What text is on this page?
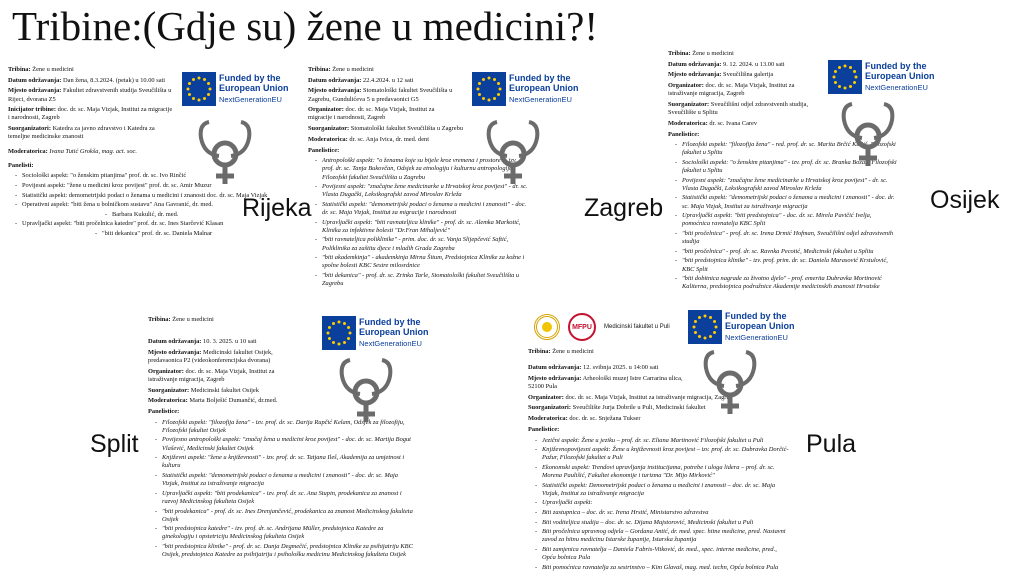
Tribine:(Gdje su) žene u medicini?!

Tribina: Žene u medicini

Datum održavanja: Dan žena, 8.3.2024. (petak) u 10.00 sati

Mjesto održavanja: Fakultet zdravstvenih studija Sveučilišta u Rijeci, dvorana Z5

Inicijator tribine: doc. dr. sc. Maja Vizjak, Institut za migracije i narodnosti, Zagreb

Suorganizatori: Katedra za javno zdravstvo i Katedra za temeljne medicinske znanosti

Moderatorica: Ivana Tutić Grokša, mag. act. soc.

Panelisti:

- Sociološki aspekt: "o ženskim pitanjima" prof. dr. sc. Ivo Rinčić
- Povijesni aspekt: "žene u medicini kroz povijest" prof. dr. sc. Amir Muzur
- Statistički aspekt: demometrijski podaci o ženama u medicini i znanosti doc. dr. sc. Maja Vizjak
- Operativni aspekt: "biti žena u bolničkom sustavu" Ana Gavranić, dr. med.
- Barbara Kukulić, dr. med.
- Upravljački aspekt: "biti pročelnica katedre" prof. dr. sc. Ines Starčević Klasan
- "biti dekanica" prof. dr. sc. Daniela Malnar

Tribina: Žene u medicini

Datum održavanja: 22.4.2024. u 12 sati

Mjesto održavanja: Stomatološki fakultet Sveučilišta u Zagrebu, Gundulićeva 5 u predavaonici G5

Organizator: doc. dr. sc. Maja Vizjak, Institut za migracije i narodnosti, Zagreb

Suorganizator: Stomatološki fakultet Sveučilišta u Zagrebu

Moderatorica: dr. sc. Anja Ivica, dr. med. dent

Panelistice:

- Antropološki aspekt: "o ženama koje su bijele kroz vremena i prostore" - izv. prof. dr. sc. Tanja Bukovčan, Odsjek za etnologiju i kulturnu antropologiju, Filozofski fakultet Sveučilišta u Zagrebu
- Povijesni aspekt: "značajne žene medicinarke u Hrvatskoj kroz povijest" - dr. sc. Vlasta Dugački, Leksikografski zavod Miroslav Krleža
- Statistički aspekt: "demometrijski podaci o ženama u medicini i znanosti" - doc. dr. sc. Maja Vizjak, Institut za migracije i narodnosti
- Upravljački aspekt: "biti ravnateljica klinike" - prof. dr. sc. Alemka Markotić, Klinika za infektivne bolesti "Dr.Fran Mihaljević"
- "biti ravnateljica poliklinike" - prim. doc. dr. sc. Vanja Slijepčević Saftić, Poliklinika za zaštitu djece i mladih Grada Zagreba
- "biti akademkinja" - akademkinja Mirna Šitum, Predstojnica Klinike za kožne i spolne bolesti KBC Sestre milosrdnice
- "biti dekanica" - prof. dr. sc. Zrinka Tarle, Stomatološki fakultet Sveučilišta u Zagrebu

Tribina: Žene u medicini

Datum održavanja: 9. 12. 2024. u 13.00 sati

Mjesto održavanja: Sveučilišna galerija

Organizator: doc. dr. sc. Maja Vizjak, Institut za istraživanje migracija, Zagreb

Suorganizator: Sveučilišni odjel zdravstvenih studija, Sveučilište u Splitu

Moderatorica: dr. sc. Ivana Carev

Panelistice:

- Filozofski aspekt: "filozofija žena" - red. prof. dr. sc. Marita Brčić Kuljiš, Filozofski fakultet u Splitu
- Sociološki aspekt: "o ženskim pitanjima" - izv. prof. dr. sc. Branka Bozan, Filozofski fakultet u Splitu
- Povijesni aspekt: "značajne žene medicinarke u Hrvatskoj kroz povijest" - dr. sc. Vlasta Dugački, Leksikografski zavod Miroslav Krleža
- Statistički aspekt: "demometrijski podaci o ženama u medicini i znanosti" - doc. dr. sc. Maja Vizjak, Institut za istraživanje migracija
- Upravljački aspekt: "biti predstojnica" - doc. dr. sc. Mirela Pavičić Ivelja, pomoćnica ravnatelja KBC Split
- "biti pročelnica" - prof. dr. sc. Irena Drmić Hofman, Sveučilišni odjel zdravstvenih studija
- "biti pročelnica" - prof. dr. sc. Ravnka Pecotić, Medicinski fakultet u Splitu
- "biti predstojnica klinike" - izv. prof. prim. dr. sc. Daniela Marasović Krstulović, KBC Split
- "biti dobitnica nagrade za životno djelo" - prof. emerita Dubravka Mortinović Kaliterna, predstojnica podružnice Akademije medicinskih znanosti Hrvatske

Tribina: Žene u medicini

Datum održavanja: 10. 3. 2025. u 10 sati

Mjesto održavanja: Medicinski fakultet Osijek, predavaonica P2 (videokonferencijska dvorana)

Organizator: doc. dr. sc. Maja Vizjak, Institut za istraživanje migracija, Zagreb

Suorganizator: Medicinski fakultet Osijek

Moderatorica: Marta Bolješić Dumančić, dr.med.

Panelistice:

- Filozofski aspekt: "filozofija žena" - izv. prof. dr. sc. Darija Rupčić Kelam, Odsjek za filozofiju, Filozofski fakultet Osijek
- Povijesno antropološki aspekt: "značaj žena u medicini kroz povijest" - doc. dr. sc. Martija Bogut Vlašević, Medicinski fakultet Osijek
- Književni aspekt: "žene u književnosti" - izv. prof. dr. sc. Tatjana Ileš, Akademija za umjetnost i kulturu
- Statistički aspekt: "demometrijski podaci o ženama u medicini i znanosti" - doc. dr. sc. Maja Vizjak, Institut za istraživanje migracija
- Upravljački aspekt: "biti prodekanica" - izv. prof. dr. sc. Ana Stupin, prodekanica za znanost i razvoj Medicinskog fakulteta Osijek
- "biti prodekanica" - prof. dr. sc. Ines Drenjančević, prodekanica za znanost Medicinskog fakulteta Osijek
- "biti predstojnica katedre" - izv. prof. dr. sc. Andrijana Müller, predstojnica Katedre za ginekologiju i opstetriciju Medicinskog fakulteta Osijek
- "biti predstojnica klinike" - prof. dr. sc. Dunja Degmečić, predstojnica Klinike za psihijatriju KBC Osijek, predstojnica Katedre za psihijatriju i psihološku medicinu Medicinskog fakulteta Osijek
MFPU	Medicinski fakultet u Puli

Tribina: Žene u medicini

Datum održavanja: 12. svibnja 2025. u 14:00 sati

Mjesto održavanja: Arheološki muzej Istre Carrarina ulica, 52100 Pula

Organizator: doc. dr. sc. Maja Vizjak, Institut za istraživanje migracija, Zagreb

Suorganizatori: Sveučilište Jurja Dobrile u Puli, Medicinski fakultet

Moderatorica: doc. dr. sc. Snježana Tukser

Panelistice:

- Jezični aspekt: Žene u jeziku – prof. dr. sc. Eliana Martinović Filozofski fakultet u Puli
- Književnopovijesni aspekt: Žene u književnosti kroz povijest – izv. prof. dr. sc. Dubravka Dorčić-Pažur, Filozofski fakultet u Puli
- Ekonomski aspekt: Trendovi upravljanja institucijama, potrebe i uloga lidera – prof. dr. sc. Morena Paulišić, Fakultet ekonomije i turizma "Dr. Mijo Mirković"
- Statistički aspekt: Demometrijski podaci o ženama u medicini i znanosti – doc. dr. sc. Maja Vizjak, Institut za istraživanje migracija
- Upravljački aspekt:
- Biti zastupnica – doc. dr. sc. Irena Hrstić, Ministarstvo zdravstva
- Biti voditeljica studija – doc. dr. sc. Dijana Majstorović, Medicinski fakultet u Puli
- Biti pročelnica upravnog odjela – Gordana Antić, dr. med. spec. hitne medicine, pred. Nastavni zavod za hitnu medicinu Istarske županije, Istarska županija
- Biti zamjenica ravnatelja – Daniela Fabris-Vitković, dr. med., spec. interne medicine, pred., Opća bolnica Pula
- Biti pomoćnica ravnatelja za sestrinstvo – Kim Glavaš, mag. med. techn, Opća bolnica Pula
Funded by the
European Union
NextGenerationEU
Funded by the
European Union
NextGenerationEU
Funded by the
European Union
NextGenerationEU
Funded by the
European Union
NextGenerationEU
Funded by the
European Union
NextGenerationEU
Rijeka	Zagreb	Osijek
Split	Pula
